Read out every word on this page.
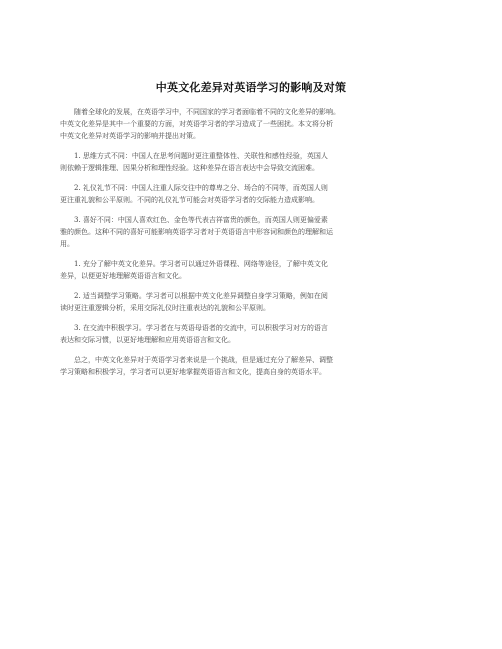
中英文化差异对英语学习的影响及对策

随着全球化的发展，在英语学习中，不同国家的学习者面临着不同的文化差异的影响。
中英文化差异是其中一个重要的方面，对英语学习者的学习造成了一些困扰。本文将分析
中英文化差异对英语学习的影响并提出对策。

1. 思维方式不同：中国人在思考问题时更注重整体性、关联性和感性经验，英国人
则依赖于逻辑推理、因果分析和理性经验。这种差异在语言表达中会导致交流困难。

2. 礼仪礼节不同：中国人注重人际交往中的尊卑之分、场合的不同等，而英国人则
更注重礼貌和公平原则。不同的礼仪礼节可能会对英语学习者的交际能力造成影响。

3. 喜好不同：中国人喜欢红色、金色等代表吉祥富贵的颜色，而英国人则更偏爱素
雅的颜色。这种不同的喜好可能影响英语学习者对于英语语言中形容词和颜色的理解和运
用。

1. 充分了解中英文化差异。学习者可以通过外语课程、网络等途径，了解中英文化
差异，以便更好地理解英语语言和文化。

2. 适当调整学习策略。学习者可以根据中英文化差异调整自身学习策略，例如在阅
读时更注重逻辑分析，采用交际礼仪时注重表达的礼貌和公平原则。

3. 在交流中积极学习。学习者在与英语母语者的交流中，可以积极学习对方的语言
表达和交际习惯，以更好地理解和应用英语语言和文化。

总之，中英文化差异对于英语学习者来说是一个挑战，但是通过充分了解差异、调整
学习策略和积极学习，学习者可以更好地掌握英语语言和文化，提高自身的英语水平。
